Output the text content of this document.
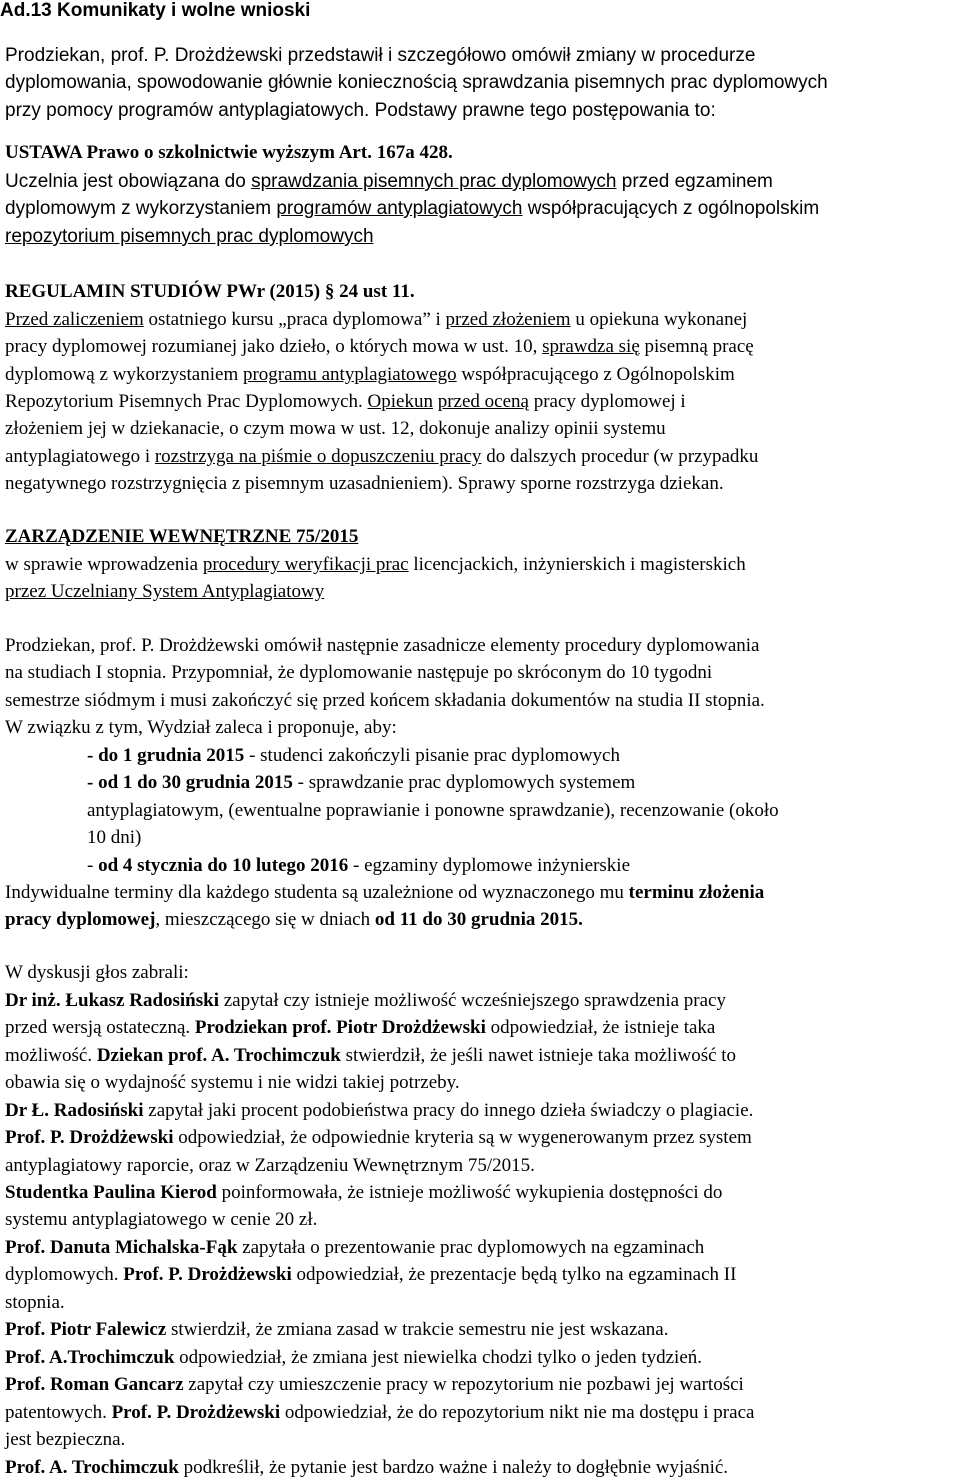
Ad.13 Komunikaty i wolne wnioski
Prodziekan, prof. P. Drożdżewski przedstawił i szczegółowo omówił zmiany w procedurze
dyplomowania, spowodowanie głównie koniecznością sprawdzania pisemnych prac dyplomowych
przy pomocy programów antyplagiatowych. Podstawy prawne tego postępowania to:
USTAWA Prawo o szkolnictwie wyższym Art. 167a 428.
Uczelnia jest obowiązana do sprawdzania pisemnych prac dyplomowych przed egzaminem
dyplomowym z wykorzystaniem programów antyplagiatowych współpracujących z ogólnopolskim
repozytorium pisemnych prac dyplomowych
REGULAMIN STUDIÓW PWr (2015) § 24 ust 11.
Przed zaliczeniem ostatniego kursu „praca dyplomowa” i przed złożeniem u opiekuna wykonanej
pracy dyplomowej rozumianej jako dzieło, o których mowa w ust. 10, sprawdza się pisemną pracę
dyplomową z wykorzystaniem programu antyplagiatowego współpracującego z Ogólnopolskim
Repozytorium Pisemnych Prac Dyplomowych. Opiekun przed oceną pracy dyplomowej i
złożeniem jej w dziekanacie, o czym mowa w ust. 12, dokonuje analizy opinii systemu
antyplagiatowego i rozstrzyga na piśmie o dopuszczeniu pracy do dalszych procedur (w przypadku
negatywnego rozstrzygnięcia z pisemnym uzasadnieniem). Sprawy sporne rozstrzyga dziekan.
ZARZĄDZENIE WEWNĘTRZNE 75/2015
w sprawie wprowadzenia procedury weryfikacji prac licencjackich, inżynierskich i magisterskich
przez Uczelniany System Antyplagiatowy
Prodziekan, prof. P. Drożdżewski omówił następnie zasadnicze elementy procedury dyplomowania
na studiach I stopnia. Przypomniał, że dyplomowanie następuje po skróconym do 10 tygodni
semestrze siódmym i musi zakończyć się przed końcem składania dokumentów na studia II stopnia.
W związku z tym, Wydział zaleca i proponuje, aby:
- do 1 grudnia 2015 - studenci zakończyli pisanie prac dyplomowych
- od 1 do 30 grudnia 2015 - sprawdzanie prac dyplomowych systemem
antyplagiatowym, (ewentualne poprawianie i ponowne sprawdzanie), recenzowanie (około
10 dni)
- od 4 stycznia do 10 lutego 2016 - egzaminy dyplomowe inżynierskie
Indywidualne terminy dla każdego studenta są uzależnione od wyznaczonego mu terminu złożenia
pracy dyplomowej, mieszczącego się w dniach od 11 do 30 grudnia 2015.
W dyskusji głos zabrali:
Dr inż. Łukasz Radosiński zapytał czy istnieje możliwość wcześniejszego sprawdzenia pracy
przed wersją ostateczną. Prodziekan prof. Piotr Drożdżewski odpowiedział, że istnieje taka
możliwość. Dziekan prof. A. Trochimczuk stwierdził, że jeśli nawet istnieje taka możliwość to
obawia się o wydajność systemu i nie widzi takiej potrzeby.
Dr Ł. Radosiński zapytał jaki procent podobieństwa pracy do innego dzieła świadczy o plagiacie.
Prof. P. Drożdżewski odpowiedział, że odpowiednie kryteria są w wygenerowanym przez system
antyplagiatowy raporcie, oraz w Zarządzeniu Wewnętrznym 75/2015.
Studentka Paulina Kierod poinformowała, że istnieje możliwość wykupienia dostępności do
systemu antyplagiatowego w cenie 20 zł.
Prof. Danuta Michalska-Fąk zapytała o prezentowanie prac dyplomowych na egzaminach
dyplomowych. Prof. P. Drożdżewski odpowiedział, że prezentacje będą tylko na egzaminach II
stopnia.
Prof. Piotr Falewicz stwierdził, że zmiana zasad w trakcie semestru nie jest wskazana.
Prof. A.Trochimczuk odpowiedział, że zmiana jest niewielka chodzi tylko o jeden tydzień.
Prof. Roman Gancarz zapytał czy umieszczenie pracy w repozytorium nie pozbawi jej wartości
patentowych. Prof. P. Drożdżewski odpowiedział, że do repozytorium nikt nie ma dostępu i praca
jest bezpieczna.
Prof. A. Trochimczuk podkreślił, że pytanie jest bardzo ważne i należy to dogłębnie wyjaśnić.
